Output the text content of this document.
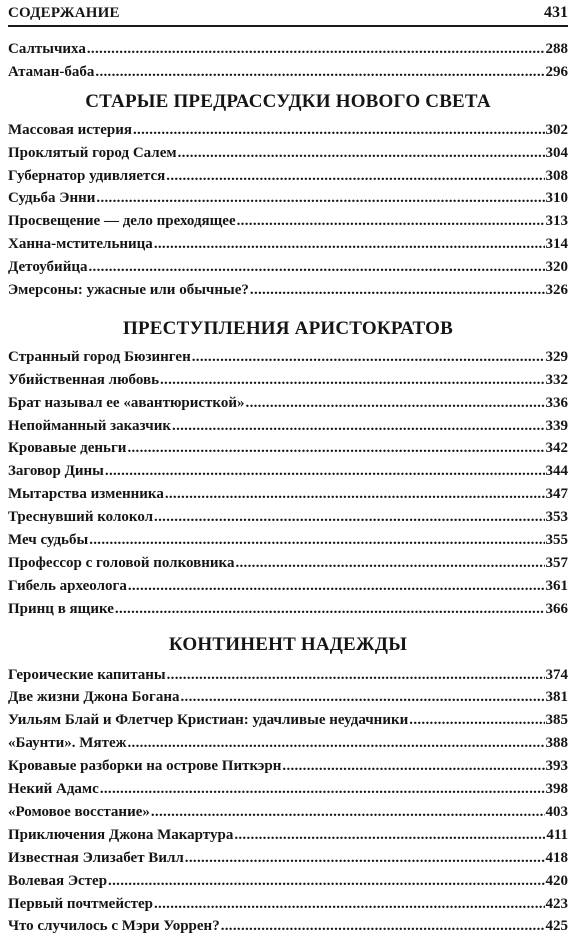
СОДЕРЖАНИЕ	431
Салтычиха .....	288
Атаман-баба .....	296
СТАРЫЕ ПРЕДРАССУДКИ НОВОГО СВЕТА
Массовая истерия .....	302
Проклятый город Салем .....	304
Губернатор удивляется .....	308
Судьба Энни .....	310
Просвещение — дело преходящее .....	313
Ханна-мстительница .....	314
Детоубийца .....	320
Эмерсоны: ужасные или обычные? .....	326
ПРЕСТУПЛЕНИЯ АРИСТОКРАТОВ
Странный город Бюзинген .....	329
Убийственная любовь .....	332
Брат называл ее «авантюристкой» .....	336
Непойманный заказчик .....	339
Кровавые деньги .....	342
Заговор Дины .....	344
Мытарства изменника .....	347
Треснувший колокол .....	353
Меч судьбы .....	355
Профессор с головой полковника .....	357
Гибель археолога .....	361
Принц в ящике .....	366
КОНТИНЕНТ НАДЕЖДЫ
Героические капитаны .....	374
Две жизни Джона Богана .....	381
Уильям Блай и Флетчер Кристиан: удачливые неудачники .....	385
«Баунти». Мятеж .....	388
Кровавые разборки на острове Питкэрн .....	393
Некий Адамс .....	398
«Ромовое восстание» .....	403
Приключения Джона Макартура .....	411
Известная Элизабет Вилл .....	418
Волевая Эстер .....	420
Первый почтмейстер .....	423
Что случилось с Мэри Уоррен? .....	425
